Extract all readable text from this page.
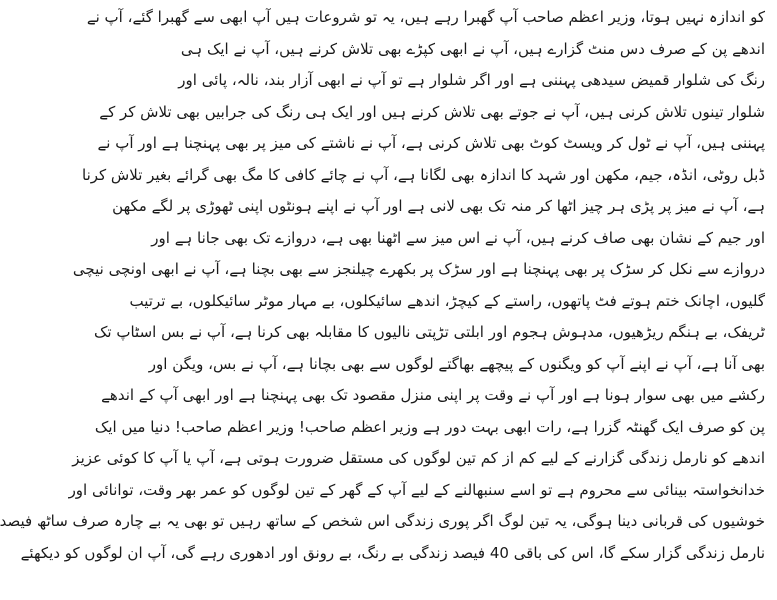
کو اندازہ نہیں ہوتا، وزیر اعظم صاحب آپ گھبرا رہے ہیں، یہ تو شروعات ہیں آپ ابھی سے گھبرا گئے، آپ نے
اندھے پن کے صرف دس منٹ گزارے ہیں، آپ نے ابھی کپڑے بھی تلاش کرنے ہیں، آپ نے ایک ہی
رنگ کی شلوار قمیض سیدھی پہننی ہے اور اگر شلوار ہے تو آپ نے ابھی آزار بند، نالہ، پائی اور
شلوار تینوں تلاش کرنی ہیں، آپ نے جوتے بھی تلاش کرنے ہیں اور ایک ہی رنگ کی جرابیں بھی تلاش کر کے
پہننی ہیں، آپ نے ٹول کر ویسٹ کوٹ بھی تلاش کرنی ہے، آپ نے ناشتے کی میز پر بھی پہنچنا ہے اور آپ نے
ڈبل روٹی، انڈہ، جیم، مکھن اور شہد کا اندازہ بھی لگانا ہے، آپ نے چائے کافی کا مگ بھی گرائے بغیر تلاش کرنا
ہے، آپ نے میز پر پڑی ہر چیز اٹھا کر منہ تک بھی لانی ہے اور آپ نے اپنے ہونٹوں اپنی ٹھوڑی پر لگے مکھن
اور جیم کے نشان بھی صاف کرنے ہیں، آپ نے اس میز سے اٹھنا بھی ہے، دروازے تک بھی جانا ہے اور
دروازے سے نکل کر سڑک پر بھی پہنچنا ہے اور سڑک پر بکھرے چیلنجز سے بھی بچنا ہے، آپ نے ابھی اونچی نیچی
گلیوں، اچانک ختم ہوتے فٹ پاتھوں، راستے کے کیچڑ، اندھے سائیکلوں، بے مہار موٹر سائیکلوں، بے ترتیب
ٹریفک، بے ہنگم ریڑھیوں، مدہوش ہجوم اور ابلتی تڑپتی نالیوں کا مقابلہ بھی کرنا ہے، آپ نے بس اسٹاپ تک
بھی آنا ہے، آپ نے اپنے آپ کو ویگنوں کے پیچھے بھاگتے لوگوں سے بھی بچانا ہے، آپ نے بس، ویگن اور
رکشے میں بھی سوار ہونا ہے اور آپ نے وقت پر اپنی منزل مقصود تک بھی پہنچنا ہے اور ابھی آپ کے اندھے
پن کو صرف ایک گھنٹہ گزرا ہے، رات ابھی بہت دور ہے وزیر اعظم صاحب! وزیر اعظم صاحب! دنیا میں ایک
اندھے کو نارمل زندگی گزارنے کے لیے کم از کم تین لوگوں کی مستقل ضرورت ہوتی ہے، آپ یا آپ کا کوئی عزیز
خدانخواستہ بینائی سے محروم ہے تو اسے سنبھالنے کے لیے آپ کے گھر کے تین لوگوں کو عمر بھر وقت، توانائی اور
خوشیوں کی قربانی دینا ہوگی، یہ تین لوگ اگر پوری زندگی اس شخص کے ساتھ رہیں تو بھی یہ بے چارہ صرف ساٹھ فیصد
نارمل زندگی گزار سکے گا، اس کی باقی 40 فیصد زندگی بے رنگ، بے رونق اور ادھوری رہے گی، آپ ان لوگوں کو دیکھئے
